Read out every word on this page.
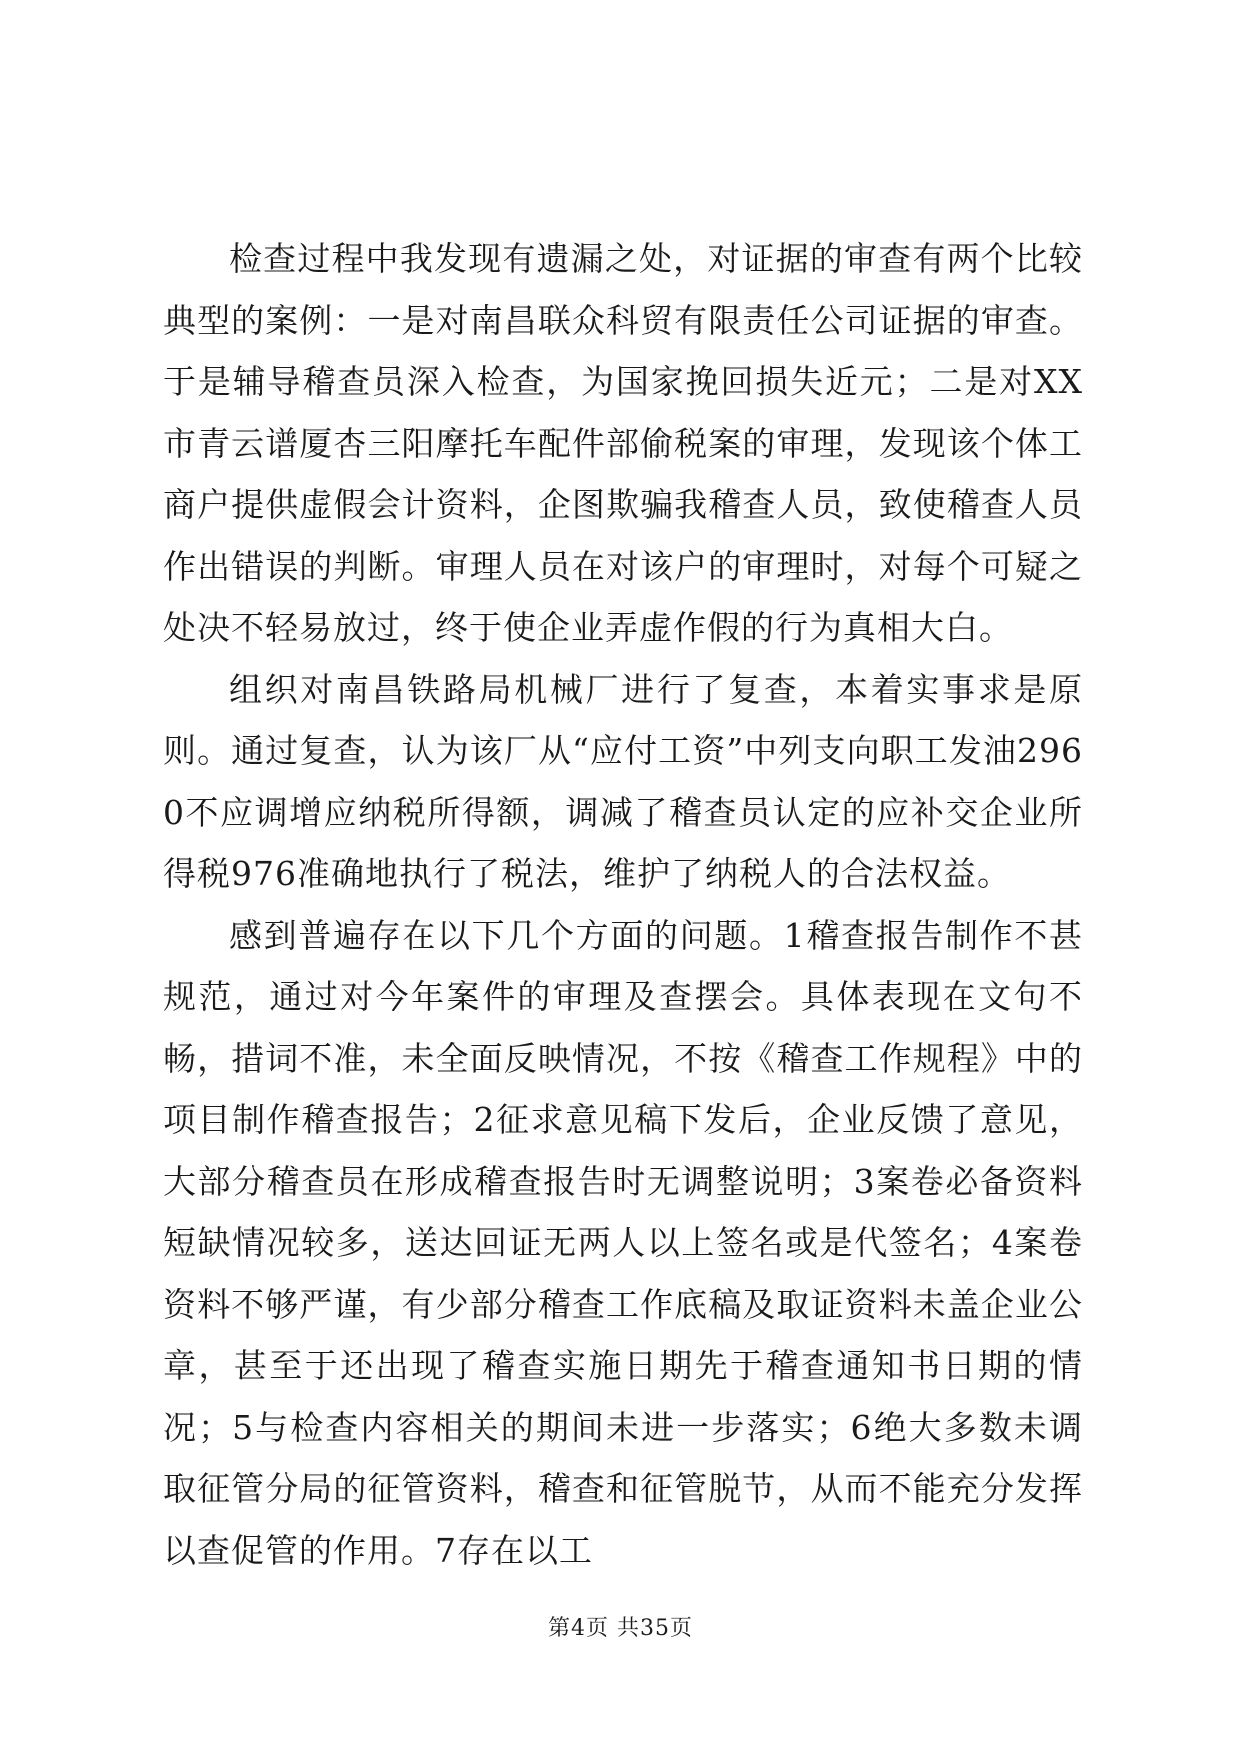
检查过程中我发现有遗漏之处，对证据的审查有两个比较典型的案例：一是对南昌联众科贸有限责任公司证据的审查。于是辅导稽查员深入检查，为国家挽回损失近元；二是对XX市青云谱厦杏三阳摩托车配件部偷税案的审理，发现该个体工商户提供虚假会计资料，企图欺骗我稽查人员，致使稽查人员作出错误的判断。审理人员在对该户的审理时，对每个可疑之处决不轻易放过，终于使企业弄虚作假的行为真相大白。

组织对南昌铁路局机械厂进行了复查，本着实事求是原则。通过复查，认为该厂从“应付工资”中列支向职工发油2960不应调增应纳税所得额，调减了稽查员认定的应补交企业所得税976准确地执行了税法，维护了纳税人的合法权益。

感到普遍存在以下几个方面的问题。1稽查报告制作不甚规范，通过对今年案件的审理及查摆会。具体表现在文句不畅，措词不准，未全面反映情况，不按《稽查工作规程》中的项目制作稽查报告；2征求意见稿下发后，企业反馈了意见，大部分稽查员在形成稽查报告时无调整说明；3案卷必备资料短缺情况较多，送达回证无两人以上签名或是代签名；4案卷资料不够严谨，有少部分稽查工作底稿及取证资料未盖企业公章，甚至于还出现了稽查实施日期先于稽查通知书日期的情况；5与检查内容相关的期间未进一步落实；6绝大多数未调取征管分局的征管资料，稽查和征管脱节，从而不能充分发挥以查促管的作用。7存在以工

第4页 共35页
